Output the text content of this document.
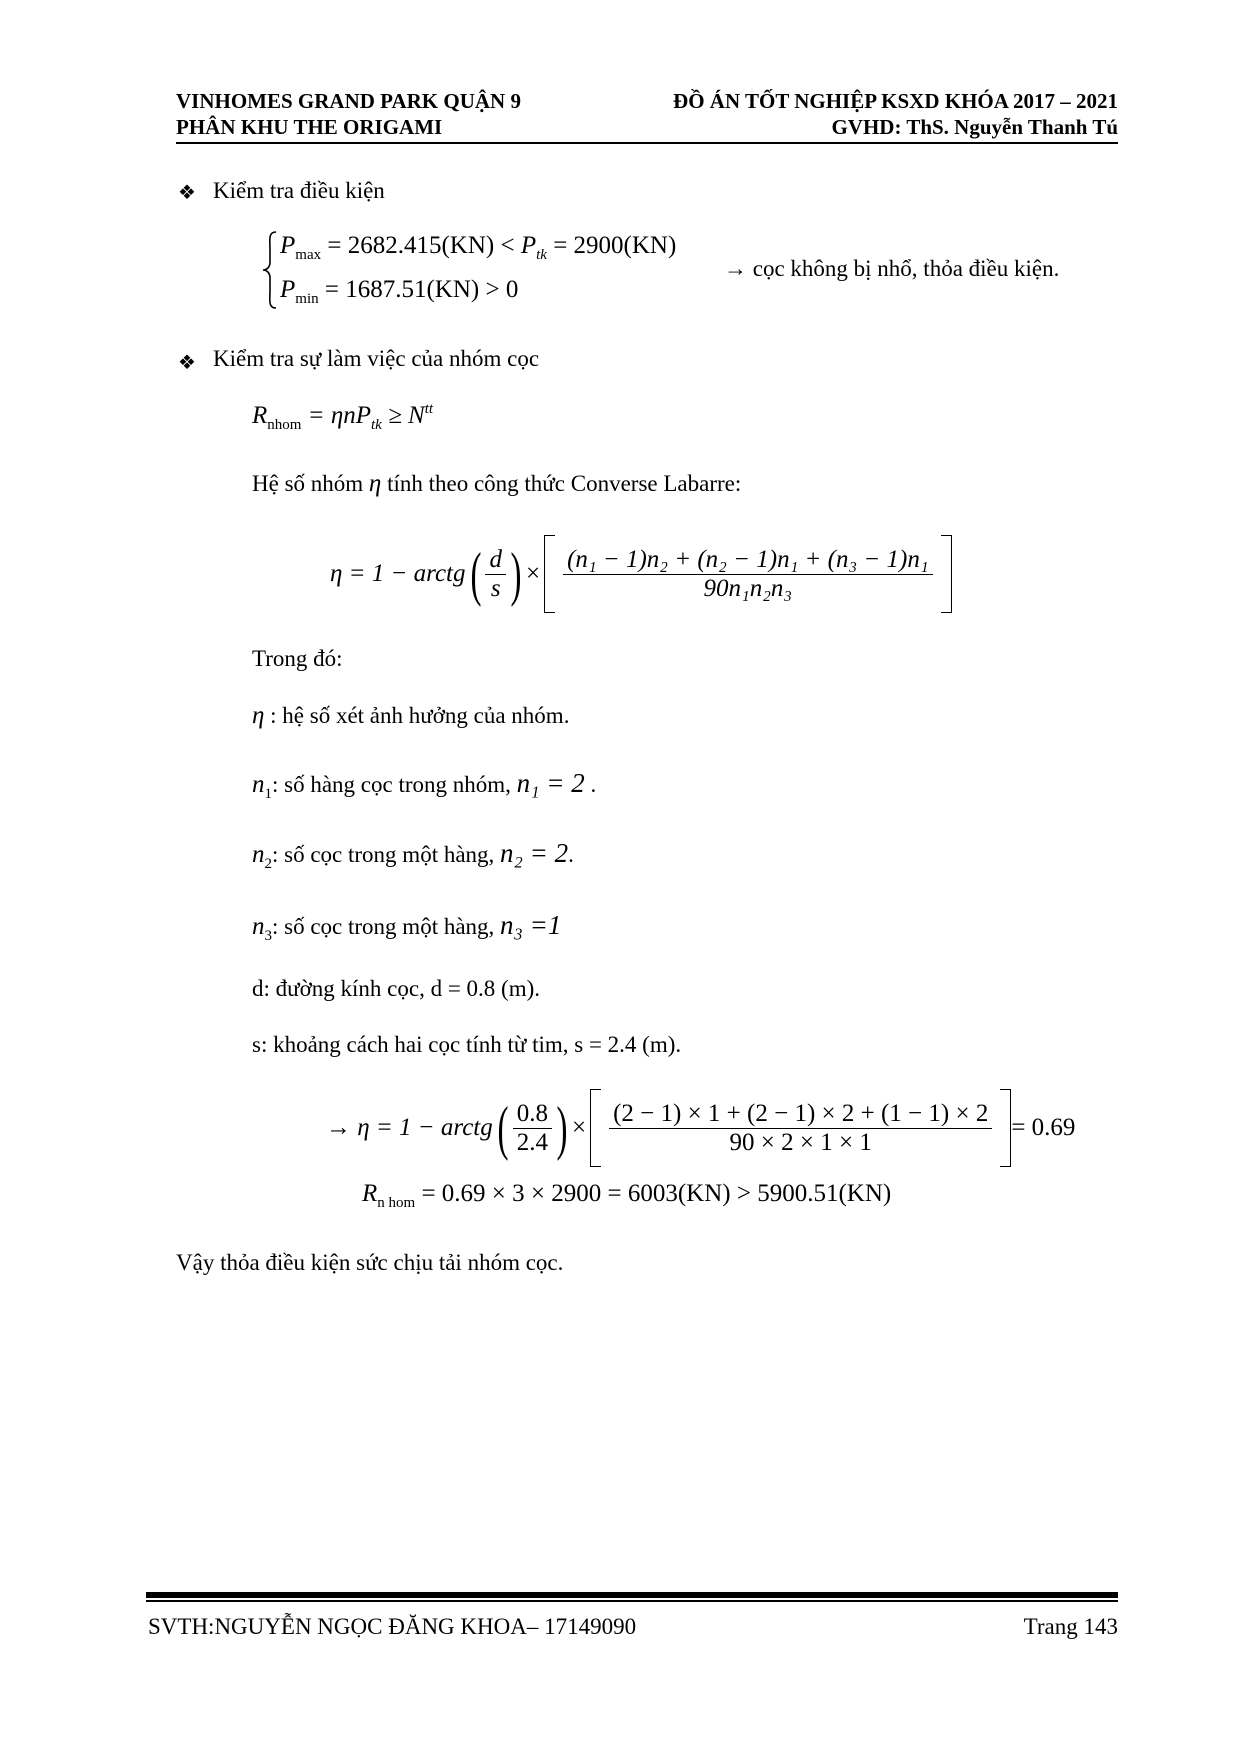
VINHOMES GRAND PARK QUẬN 9
PHÂN KHU THE ORIGAMI
ĐỒ ÁN TỐT NGHIỆP KSXD KHÓA 2017 – 2021
GVHD: ThS. Nguyễn Thanh Tú
❖ Kiểm tra điều kiện
$P_{max} = 2682.415(KN) < P_{tk} = 2900(KN)$
$P_{min} = 1687.51(KN) > 0$
→ cọc không bị nhổ, thỏa điều kiện.
❖ Kiểm tra sự làm việc của nhóm cọc
$R_{nhom} = \eta nP_{tk} \ge N^{tt}$
Hệ số nhóm η tính theo công thức Converse Labarre:
η = 1 − arctg ( $\frac{d}{s}$ ) × $\frac{\text{(n₁ − 1)n₂ + (n₂ − 1)n₁ + (n₃ − 1)n₁}}{\text{90n₁n₂n₃}}$
Trong đó:
η : hệ số xét ảnh hưởng của nhóm.
$n_1$: số hàng cọc trong nhóm, n₁ = 2 .
$n_2$: số cọc trong một hàng, n₂ = 2.
$n_3$: số cọc trong một hàng, n₃ =1
d: đường kính cọc, d = 0.8 (m).
s: khoảng cách hai cọc tính từ tim, s = 2.4 (m).
→ η = 1 − arctg ( $\frac{0.8}{2.4}$ ) × $\frac{(2 - 1) \times 1 + (2 - 1) \times 2 + (1 - 1) \times 2}{90 \times 2 \times 1 \times 1} = 0.69$
$R_{n hom} = 0.69 \times 3 \times 2900 = 6003(KN) > 5900.51(KN)$
Vậy thỏa điều kiện sức chịu tải nhóm cọc.
SVTH:NGUYỄN NGỌC ĐĂNG KHOA– 17149090	Trang 143
